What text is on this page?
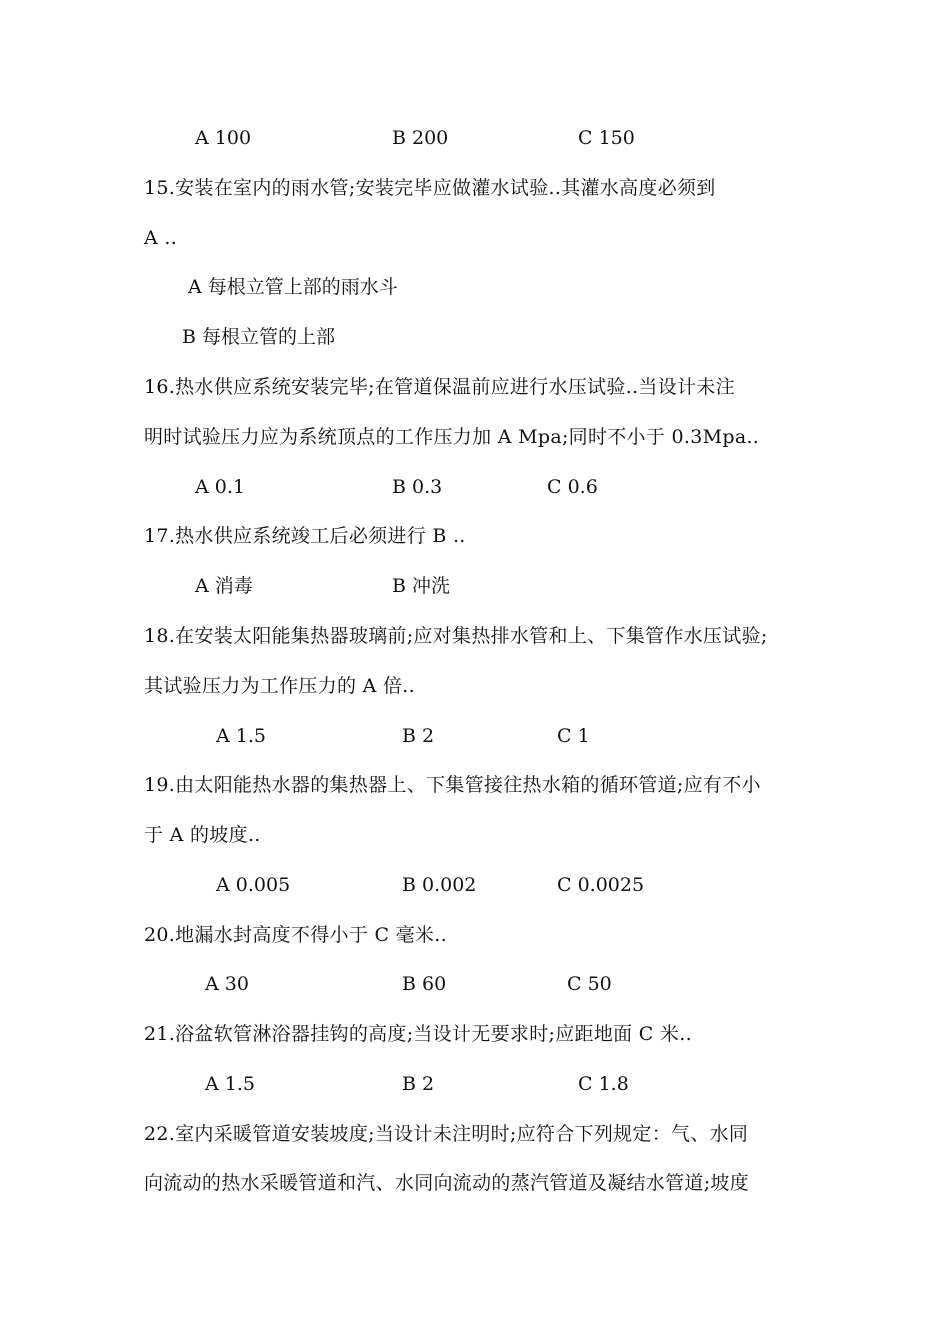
A 100	B 200	C 150
15.安装在室内的雨水管;安装完毕应做灌水试验..其灌水高度必须到
A ..
A 每根立管上部的雨水斗
B 每根立管的上部
16.热水供应系统安装完毕;在管道保温前应进行水压试验..当设计未注
明时试验压力应为系统顶点的工作压力加 A Mpa;同时不小于 0.3Mpa..
A 0.1	B 0.3	C 0.6
17.热水供应系统竣工后必须进行 B ..
A 消毒	B 冲洗
18.在安装太阳能集热器玻璃前;应对集热排水管和上、下集管作水压试验;
其试验压力为工作压力的 A 倍..
A 1.5	B 2	C 1
19.由太阳能热水器的集热器上、下集管接往热水箱的循环管道;应有不小
于 A 的坡度..
A 0.005	B 0.002	C 0.0025
20.地漏水封高度不得小于 C 毫米..
A 30	B 60	C 50
21.浴盆软管淋浴器挂钩的高度;当设计无要求时;应距地面 C 米..
A 1.5	B 2	C 1.8
22.室内采暖管道安装坡度;当设计未注明时;应符合下列规定：气、水同
向流动的热水采暖管道和汽、水同向流动的蒸汽管道及凝结水管道;坡度
